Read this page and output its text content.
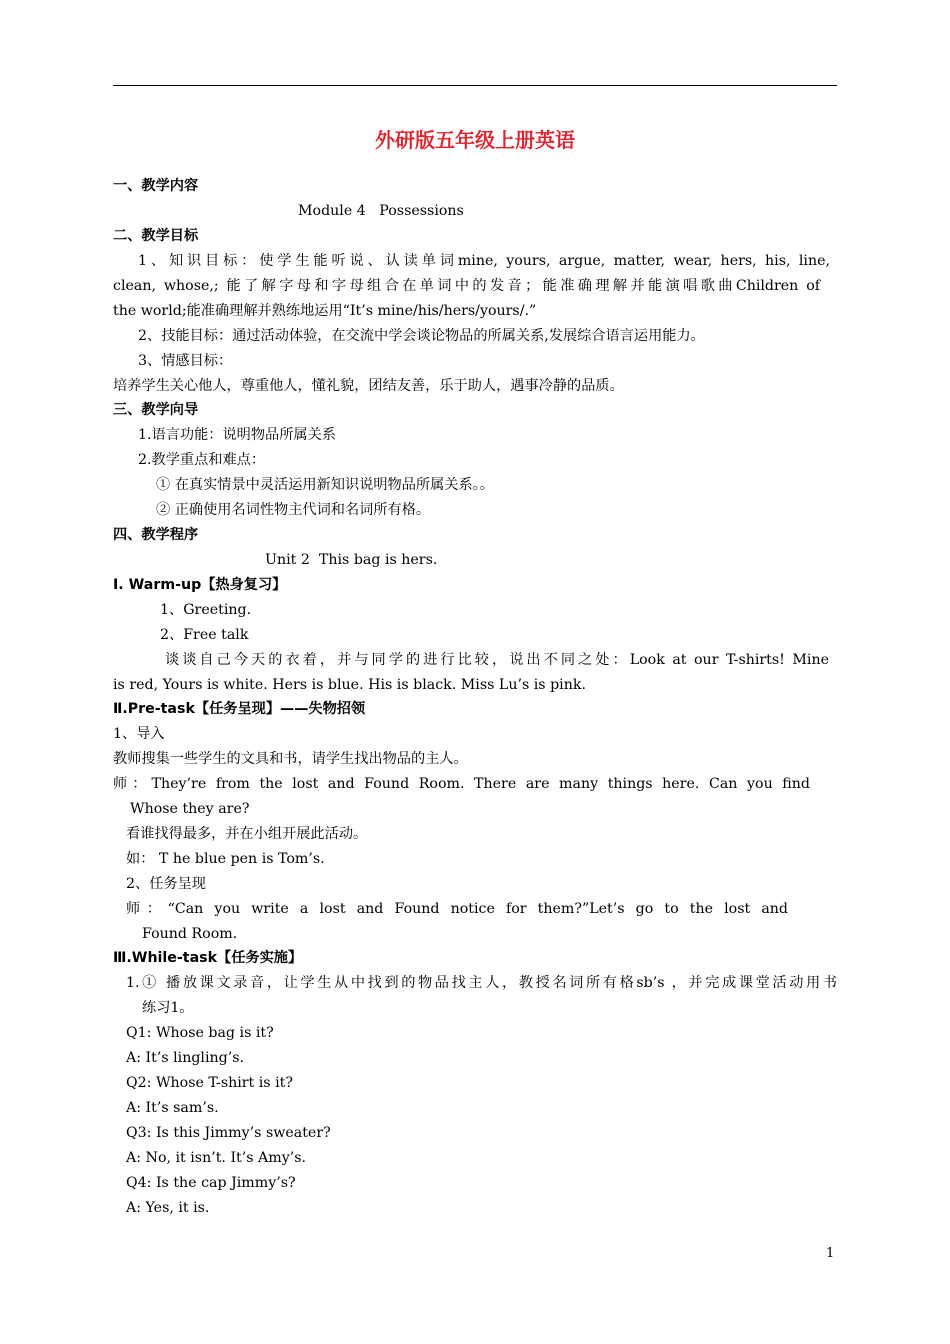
外研版五年级上册英语
一、教学内容
Module 4   Possessions
二、教学目标
1、知识目标：使学生能听说、认读单词mine, yours, argue, matter, wear, hers, his, line,
clean, whose,; 能了解字母和字母组合在单词中的发音；能准确理解并能演唱歌曲Children of
the world;能准确理解并熟练地运用“It’s mine/his/hers/yours/.”
2、技能目标：通过活动体验，在交流中学会谈论物品的所属关系,发展综合语言运用能力。
3、情感目标：
培养学生关心他人，尊重他人，懂礼貌，团结友善，乐于助人，遇事冷静的品质。
三、教学向导
1.语言功能：说明物品所属关系
2.教学重点和难点：
① 在真实情景中灵活运用新知识说明物品所属关系。。
② 正确使用名词性物主代词和名词所有格。
四、教学程序
Unit 2  This bag is hers.
Ⅰ. Warm-up【热身复习】
1、Greeting.
2、Free talk
谈谈自己今天的衣着，并与同学的进行比较，说出不同之处：Look at our T-shirts! Mine
is red, Yours is white. Hers is blue. His is black. Miss Lu’s is pink.
Ⅱ.Pre-task【任务呈现】——失物招领
1、导入
教师搜集一些学生的文具和书，请学生找出物品的主人。
师：They’re from the lost and Found Room. There are many things here. Can you find
Whose they are?
看谁找得最多，并在小组开展此活动。
如： T he blue pen is Tom’s.
2、任务呈现
师：“Can you write a lost and Found notice for them?”Let’s go to the lost and
Found Room.
Ⅲ.While-task【任务实施】
1.① 播放课文录音，让学生从中找到的物品找主人，教授名词所有格sb’s ，并完成课堂活动用书
练习1。
Q1: Whose bag is it?
A: It’s lingling’s.
Q2: Whose T-shirt is it?
A: It’s sam’s.
Q3: Is this Jimmy’s sweater?
A: No, it isn’t. It’s Amy’s.
Q4: Is the cap Jimmy’s?
A: Yes, it is.
1
